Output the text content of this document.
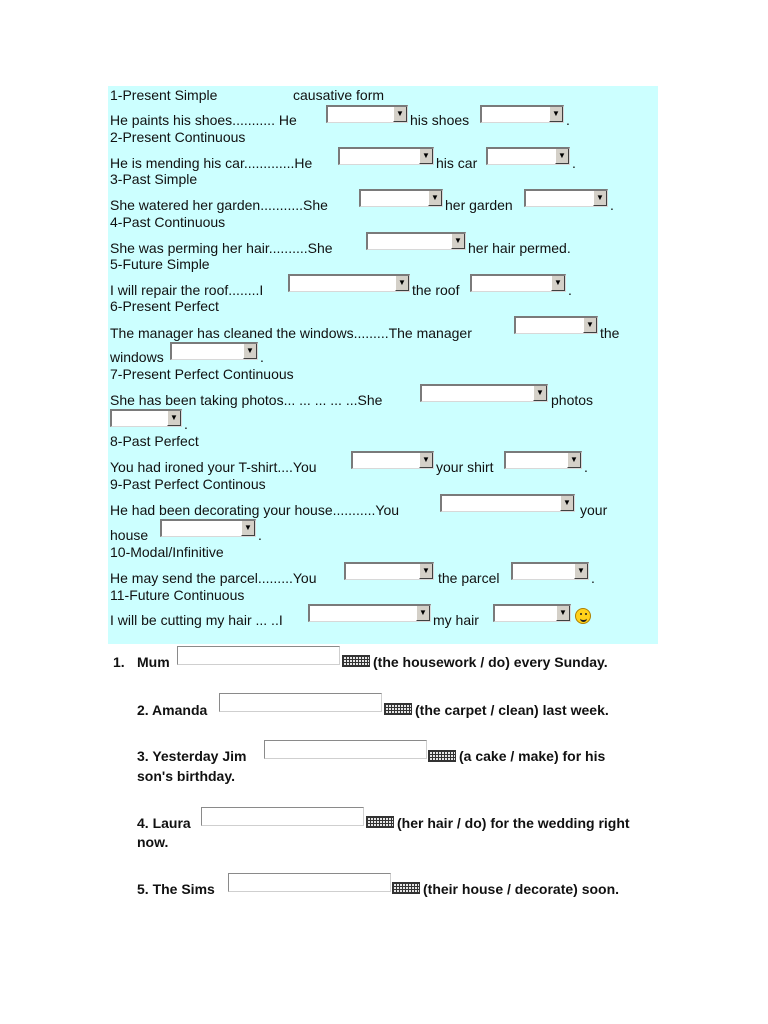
1-Present Simple	causative form
He paints his shoes........... He	▼ his shoes	▼ .
2-Present Continuous
He is mending his car.............He	▼ his car	▼ .
3-Past Simple
She watered her garden...........She	▼ her garden	▼ .
4-Past Continuous
She was perming her hair..........She	▼ her hair permed.
5-Future Simple
I will repair the roof........I	▼ the roof	▼ .
6-Present Perfect
The manager has cleaned the windows.........The manager
▼
the
windows	▼ .
7-Present Perfect Continuous
She has been taking photos... ... ... ... ...She	▼ photos
▼ .
8-Past Perfect
You had ironed your T-shirt....You	▼ your shirt	▼ .
9-Past Perfect Continous
He had been decorating your house...........You	▼ your
house	▼ .
10-Modal/Infinitive
He may send the parcel.........You	▼ the parcel	▼ .
11-Future Continuous
I will be cutting my hair ... ..I	▼ my hair	▼
1. Mum	(the housework / do) every Sunday.
2. Amanda	(the carpet / clean) last week.
3. Yesterday Jim	(a cake / make) for his
son's birthday.
4. Laura	(her hair / do) for the wedding right
now.
5. The Sims	(their house / decorate) soon.
